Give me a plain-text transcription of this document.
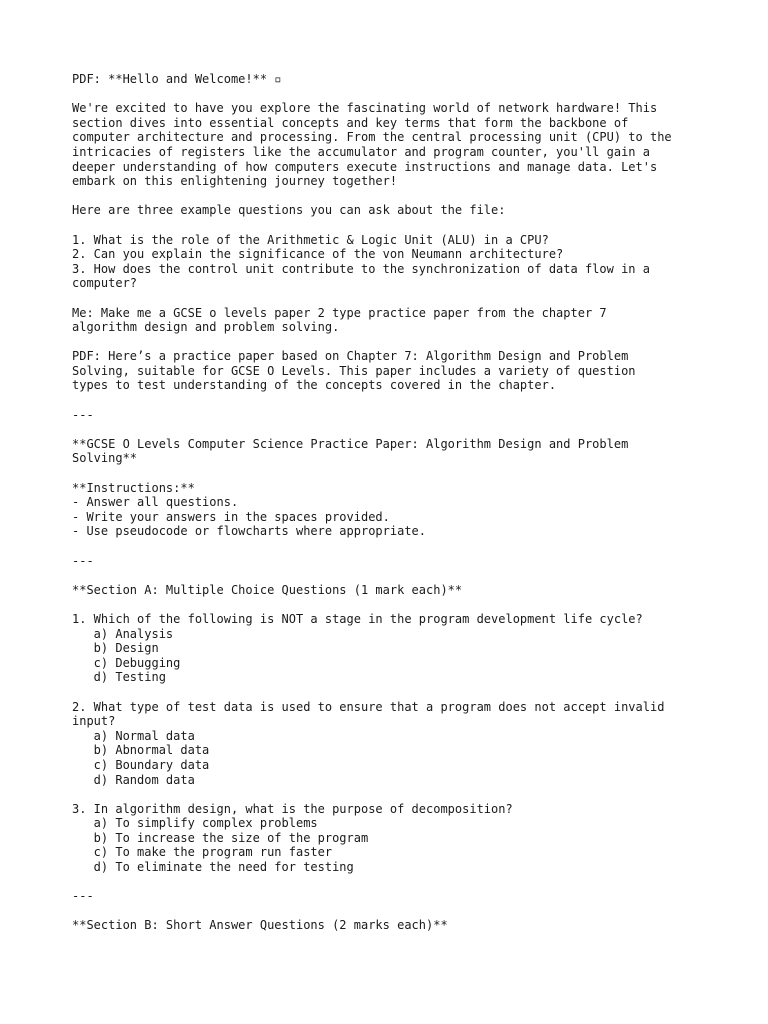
PDF: **Hello and Welcome!** ▫
We're excited to have you explore the fascinating world of network hardware! This
section dives into essential concepts and key terms that form the backbone of
computer architecture and processing. From the central processing unit (CPU) to the
intricacies of registers like the accumulator and program counter, you'll gain a
deeper understanding of how computers execute instructions and manage data. Let's
embark on this enlightening journey together!
Here are three example questions you can ask about the file:
1. What is the role of the Arithmetic & Logic Unit (ALU) in a CPU?
2. Can you explain the significance of the von Neumann architecture?
3. How does the control unit contribute to the synchronization of data flow in a
computer?
Me: Make me a GCSE o levels paper 2 type practice paper from the chapter 7
algorithm design and problem solving.
PDF: Here’s a practice paper based on Chapter 7: Algorithm Design and Problem
Solving, suitable for GCSE O Levels. This paper includes a variety of question
types to test understanding of the concepts covered in the chapter.
---
**GCSE O Levels Computer Science Practice Paper: Algorithm Design and Problem
Solving**
**Instructions:**
- Answer all questions.
- Write your answers in the spaces provided.
- Use pseudocode or flowcharts where appropriate.
---
**Section A: Multiple Choice Questions (1 mark each)**
1. Which of the following is NOT a stage in the program development life cycle?
a) Analysis
b) Design
c) Debugging
d) Testing
2. What type of test data is used to ensure that a program does not accept invalid
input?
a) Normal data
b) Abnormal data
c) Boundary data
d) Random data
3. In algorithm design, what is the purpose of decomposition?
a) To simplify complex problems
b) To increase the size of the program
c) To make the program run faster
d) To eliminate the need for testing
---
**Section B: Short Answer Questions (2 marks each)**
